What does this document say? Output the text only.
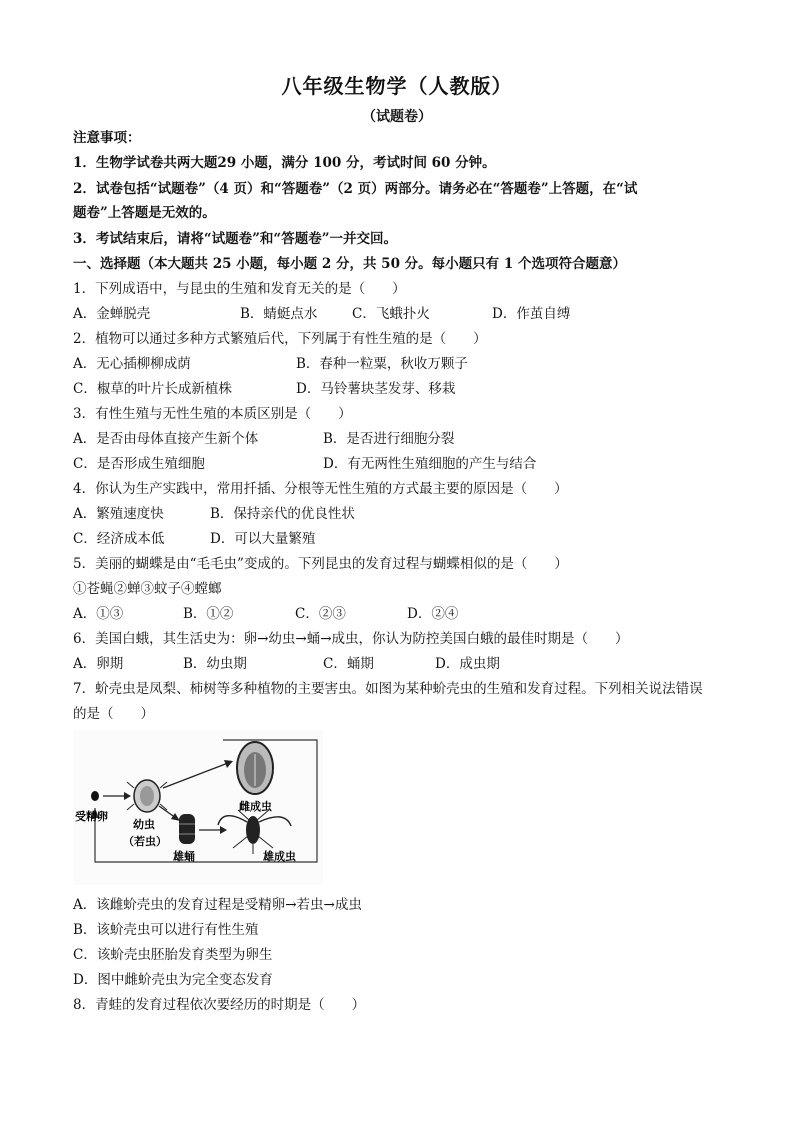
八年级生物学（人教版）
（试题卷）
注意事项：
1．生物学试卷共两大题29 小题，满分 100 分，考试时间 60 分钟。
2．试卷包括“试题卷”（4 页）和“答题卷”（2 页）两部分。请务必在“答题卷”上答题，在“试
题卷”上答题是无效的。
3．考试结束后，请将“试题卷”和“答题卷”一并交回。
一、选择题（本大题共 25 小题，每小题 2 分，共 50 分。每小题只有 1 个选项符合题意）
1．下列成语中，与昆虫的生殖和发育无关的是（　　）
A．金蝉脱壳	B．蜻蜓点水	C．飞蛾扑火	D．作茧自缚
2．植物可以通过多种方式繁殖后代，下列属于有性生殖的是（　　）
A．无心插柳柳成荫	B．春种一粒粟，秋收万颗子
C．椒草的叶片长成新植株	D．马铃薯块茎发芽、移栽
3．有性生殖与无性生殖的本质区别是（　　）
A．是否由母体直接产生新个体	B．是否进行细胞分裂
C．是否形成生殖细胞	D．有无两性生殖细胞的产生与结合
4．你认为生产实践中，常用扦插、分根等无性生殖的方式最主要的原因是（　　）
A．繁殖速度快	B．保持亲代的优良性状
C．经济成本低	D．可以大量繁殖
5．美丽的蝴蝶是由“毛毛虫”变成的。下列昆虫的发育过程与蝴蝶相似的是（　　）
①苍蝇②蝉③蚊子④螳螂
A．①③	B．①②	C．②③	D．②④
6．美国白蛾，其生活史为：卵→幼虫→蛹→成虫，你认为防控美国白蛾的最佳时期是（　　）
A．卵期	B．幼虫期	C．蛹期	D．成虫期
7．蚧壳虫是凤梨、柿树等多种植物的主要害虫。如图为某种蚧壳虫的生殖和发育过程。下列相关说法错误
的是（　　）
受精卵
幼虫
（若虫）
雌成虫
雄蛹	雄成虫
A．该雌蚧壳虫的发育过程是受精卵→若虫→成虫
B．该蚧壳虫可以进行有性生殖
C．该蚧壳虫胚胎发育类型为卵生
D．图中雌蚧壳虫为完全变态发育
8．青蛙的发育过程依次要经历的时期是（　　）
